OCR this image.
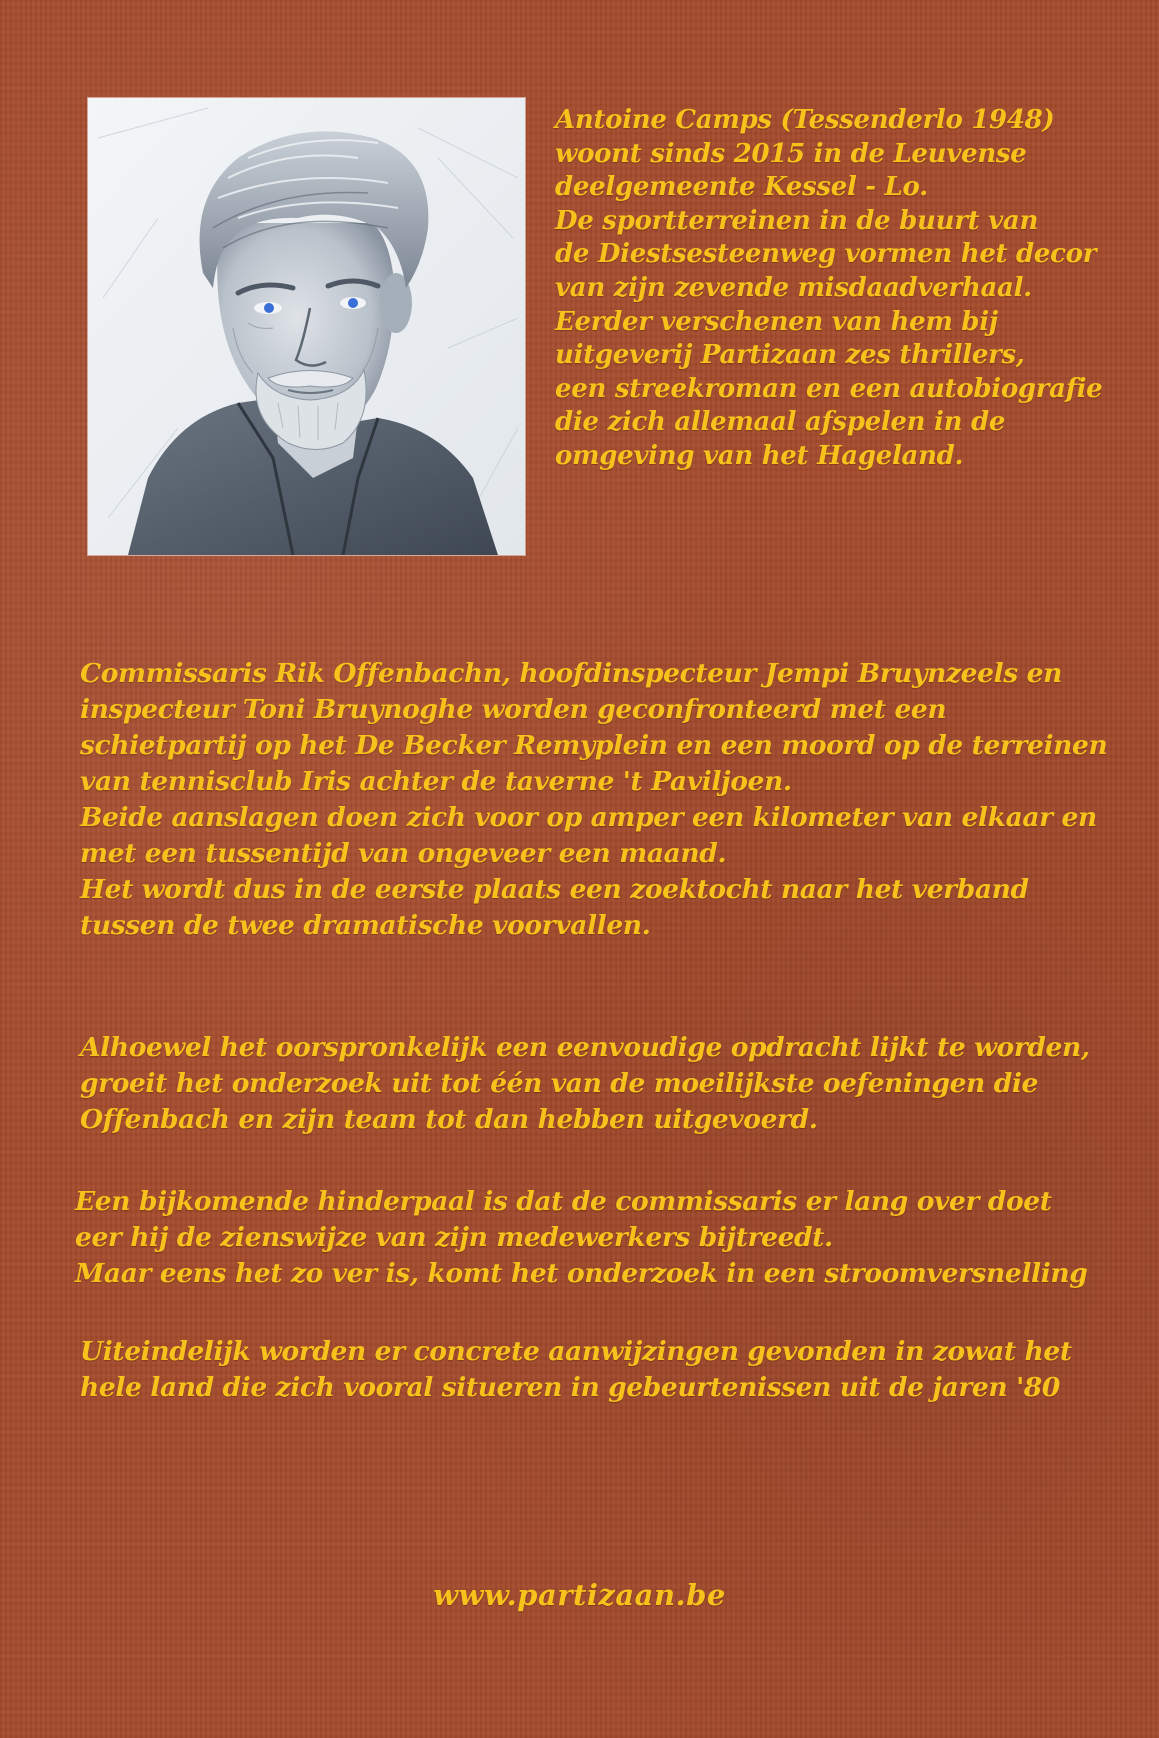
Antoine Camps (Tessenderlo 1948)
woont sinds 2015 in de Leuvense
deelgemeente Kessel - Lo.
De sportterreinen in de buurt van
de Diestsesteenweg vormen het decor
van zijn zevende misdaadverhaal.
Eerder verschenen van hem bij
uitgeverij Partizaan zes thrillers,
een streekroman en een autobiografie
die zich allemaal afspelen in de
omgeving van het Hageland.
Commissaris Rik Offenbachn, hoofdinspecteur Jempi Bruynzeels en
inspecteur Toni Bruynoghe worden geconfronteerd met een
schietpartij op het De Becker Remyplein en een moord op de terreinen
van tennisclub Iris achter de taverne 't Paviljoen.
Beide aanslagen doen zich voor op amper een kilometer van elkaar en
met een tussentijd van ongeveer een maand.
Het wordt dus in de eerste plaats een zoektocht naar het verband
tussen de twee dramatische voorvallen.
Alhoewel het oorspronkelijk een eenvoudige opdracht lijkt te worden,
groeit het onderzoek uit tot één van de moeilijkste oefeningen die
Offenbach en zijn team tot dan hebben uitgevoerd.
Een bijkomende hinderpaal is dat de commissaris er lang over doet
eer hij de zienswijze van zijn medewerkers bijtreedt.
Maar eens het zo ver is, komt het onderzoek in een stroomversnelling
Uiteindelijk worden er concrete aanwijzingen gevonden in zowat het
hele land die zich vooral situeren in gebeurtenissen uit de jaren '80
www.partizaan.be
